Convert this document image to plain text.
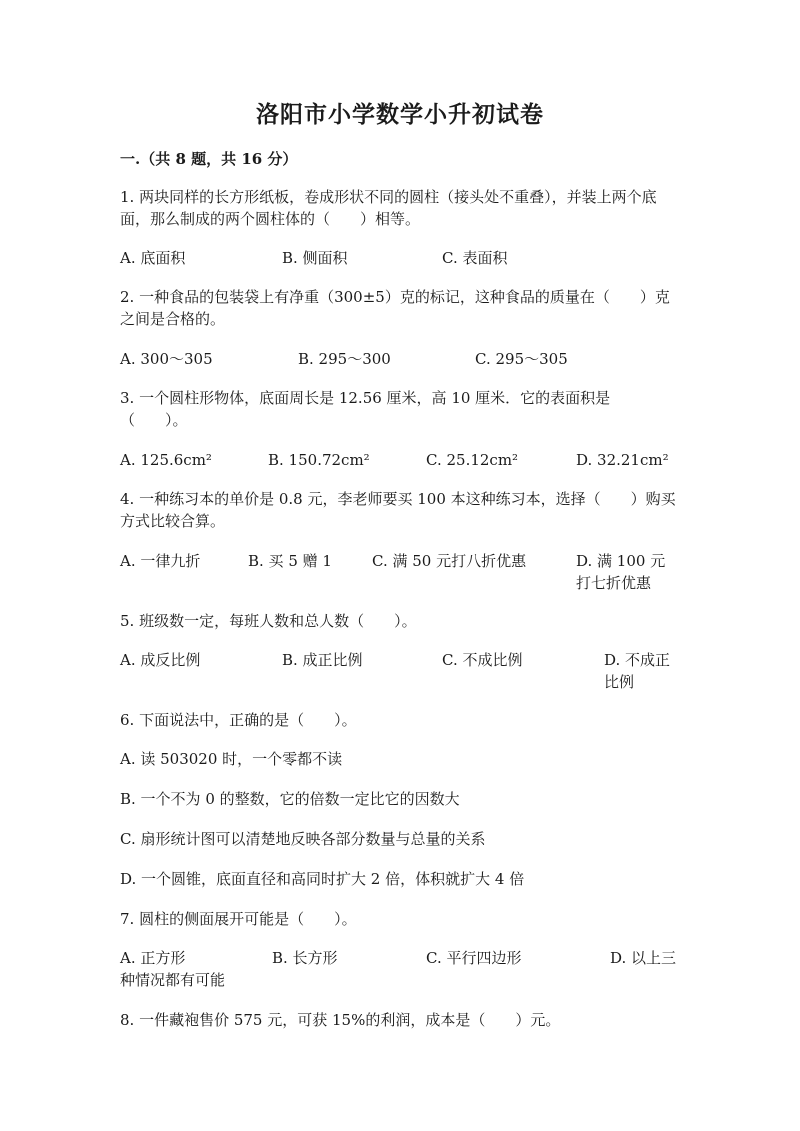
洛阳市小学数学小升初试卷
一.（共 8 题，共 16 分）
1. 两块同样的长方形纸板，卷成形状不同的圆柱（接头处不重叠），并装上两个底面，那么制成的两个圆柱体的（　　）相等。
A. 底面积	B. 侧面积	C. 表面积
2. 一种食品的包装袋上有净重（300±5）克的标记，这种食品的质量在（　　）克之间是合格的。
A. 300～305	B. 295～300	C. 295～305
3. 一个圆柱形物体，底面周长是 12.56 厘米，高 10 厘米．它的表面积是（　　）。
A. 125.6cm²	B. 150.72cm²	C. 25.12cm²	D. 32.21cm²
4. 一种练习本的单价是 0.8 元，李老师要买 100 本这种练习本，选择（　　）购买方式比较合算。
A. 一律九折	B. 买 5 赠 1	C. 满 50 元打八折优惠	D. 满 100 元打七折优惠
5. 班级数一定，每班人数和总人数（　　）。
A. 成反比例	B. 成正比例	C. 不成比例	D. 不成正比例
6. 下面说法中，正确的是（　　）。
A. 读 503020 时，一个零都不读
B. 一个不为 0 的整数，它的倍数一定比它的因数大
C. 扇形统计图可以清楚地反映各部分数量与总量的关系
D. 一个圆锥，底面直径和高同时扩大 2 倍，体积就扩大 4 倍
7. 圆柱的侧面展开可能是（　　）。
A. 正方形	B. 长方形	C. 平行四边形	D. 以上三种情况都有可能
8. 一件藏袍售价 575 元，可获 15%的利润，成本是（　　）元。
